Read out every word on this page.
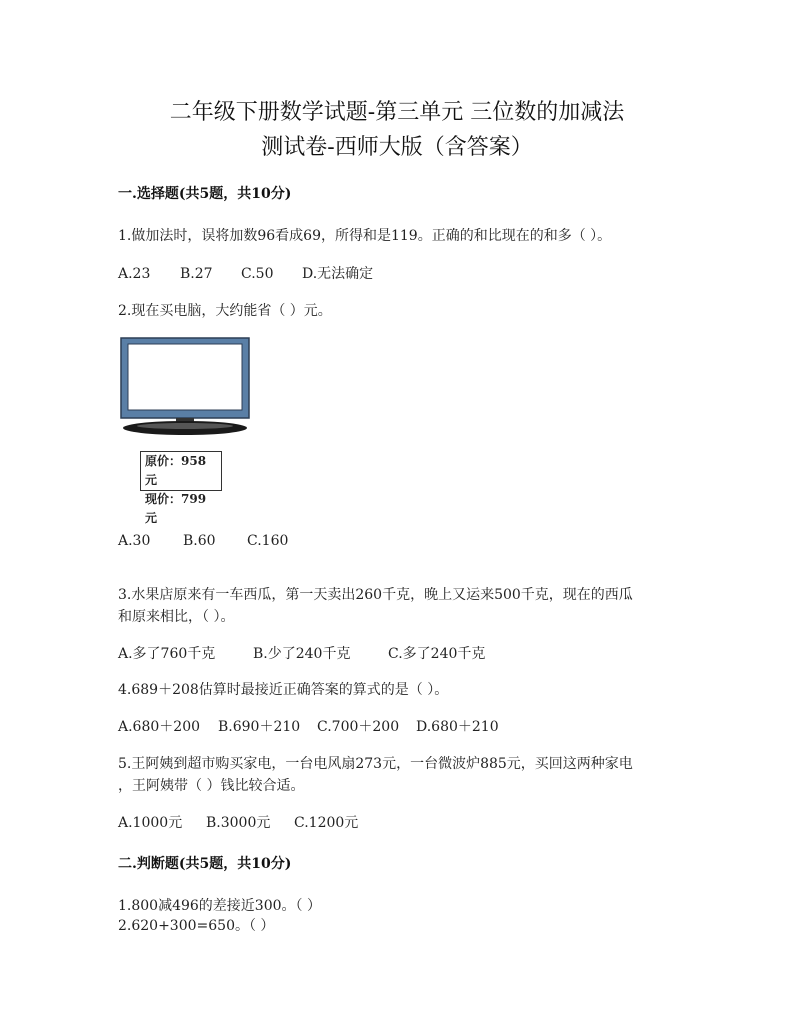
二年级下册数学试题-第三单元 三位数的加减法
测试卷-西师大版（含答案）
一.选择题(共5题，共10分)
1.做加法时，误将加数96看成69，所得和是119。正确的和比现在的和多（ ）。
A.23 B.27 C.50 D.无法确定
2.现在买电脑，大约能省（ ）元。
原价：958 元
现价：799 元
A.30 B.60 C.160
3.水果店原来有一车西瓜，第一天卖出260千克，晚上又运来500千克，现在的西瓜
和原来相比，（ ）。
A.多了760千克	B.少了240千克	C.多了240千克
4.689＋208估算时最接近正确答案的算式的是（ ）。
A.680＋200 B.690＋210 C.700＋200 D.680＋210
5.王阿姨到超市购买家电，一台电风扇273元，一台微波炉885元，买回这两种家电
，王阿姨带（ ）钱比较合适。
A.1000元 B.3000元 C.1200元
二.判断题(共5题，共10分)
1.800减496的差接近300。（ ）
2.620+300=650。（ ）
